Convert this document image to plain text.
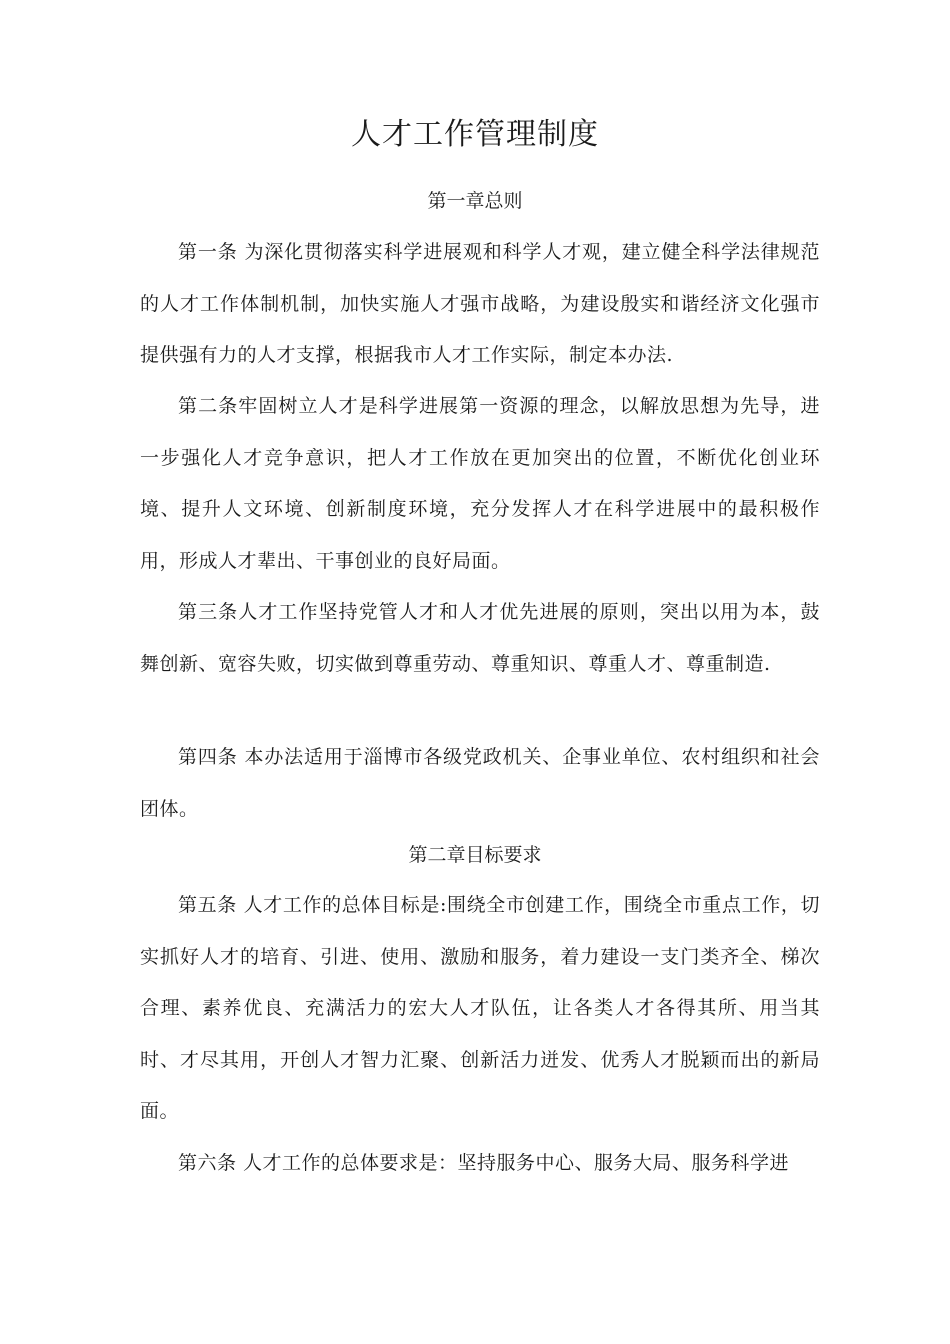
人才工作管理制度
第一章总则

第一条 为深化贯彻落实科学进展观和科学人才观，建立健全科学法律规范的人才工作体制机制，加快实施人才强市战略，为建设殷实和谐经济文化强市提供强有力的人才支撑，根据我市人才工作实际，制定本办法.

第二条牢固树立人才是科学进展第一资源的理念，以解放思想为先导，进一步强化人才竞争意识，把人才工作放在更加突出的位置，不断优化创业环境、提升人文环境、创新制度环境，充分发挥人才在科学进展中的最积极作用，形成人才辈出、干事创业的良好局面。

第三条人才工作坚持党管人才和人才优先进展的原则，突出以用为本，鼓舞创新、宽容失败，切实做到尊重劳动、尊重知识、尊重人才、尊重制造.

第四条 本办法适用于淄博市各级党政机关、企事业单位、农村组织和社会团体。

第二章目标要求

第五条 人才工作的总体目标是:围绕全市创建工作，围绕全市重点工作，切实抓好人才的培育、引进、使用、激励和服务，着力建设一支门类齐全、梯次合理、素养优良、充满活力的宏大人才队伍，让各类人才各得其所、用当其时、才尽其用，开创人才智力汇聚、创新活力迸发、优秀人才脱颖而出的新局面。

第六条 人才工作的总体要求是：坚持服务中心、服务大局、服务科学进
